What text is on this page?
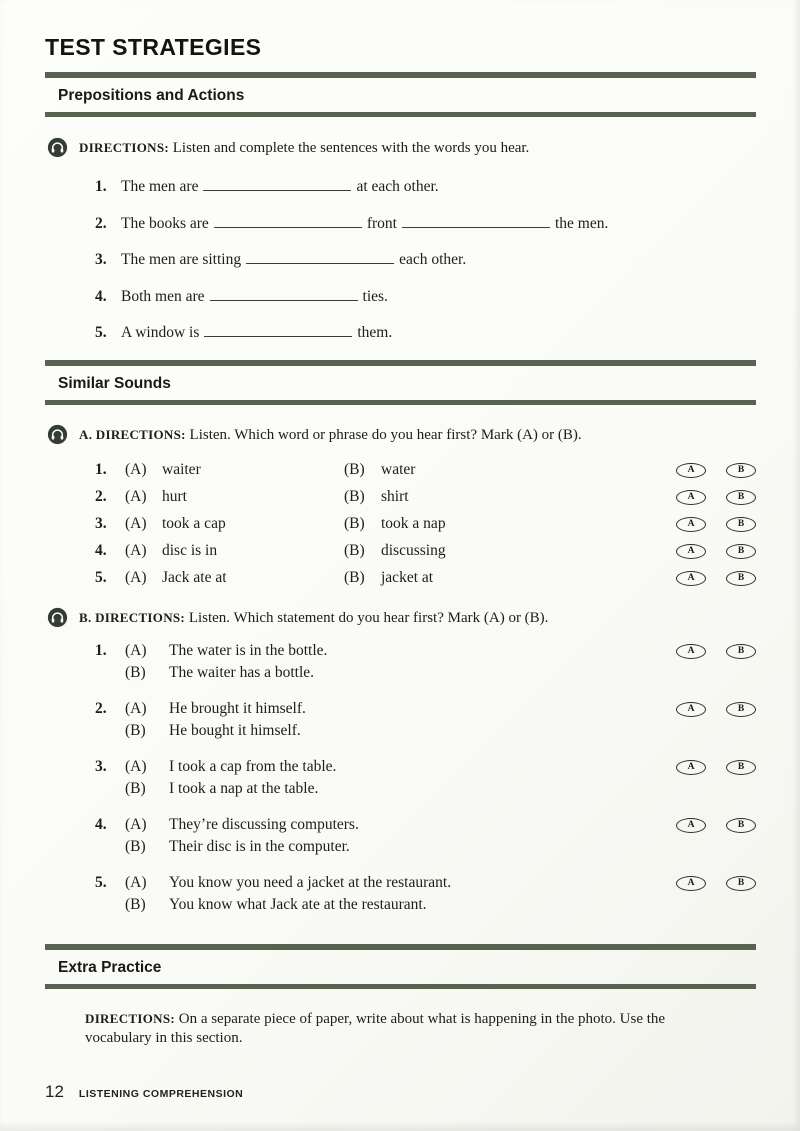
TEST STRATEGIES
Prepositions and Actions
DIRECTIONS: Listen and complete the sentences with the words you hear.
1. The men are	at each other.
2. The books are	front	the men.
3. The men are sitting	each other.
4. Both men are	ties.
5. A window is	them.
Similar Sounds
A. DIRECTIONS: Listen. Which word or phrase do you hear first? Mark (A) or (B).
1.	(A) waiter	(B)	water	A	B
2.	(A) hurt	(B)	shirt	A	B
3.	(A) took a cap	(B)	took a nap	A	B
4.	(A) disc is in	(B)	discussing	A	B
5.	(A) Jack ate at	(B)	jacket at	A	B
B. DIRECTIONS: Listen. Which statement do you hear first? Mark (A) or (B).
1.	(A)	The water is in the bottle.	A	B
(B)	The waiter has a bottle.
2.	(A)	He brought it himself.	A	B
(B)	He bought it himself.
3.	(A)	I took a cap from the table.	A	B
(B)	I took a nap at the table.
4.	(A)	They’re discussing computers.	A	B
(B)	Their disc is in the computer.
5.	(A)	You know you need a jacket at the restaurant.	A	B
(B)	You know what Jack ate at the restaurant.
Extra Practice
DIRECTIONS: On a separate piece of paper, write about what is happening in the photo. Use the vocabulary in this section.
12 LISTENING COMPREHENSION
